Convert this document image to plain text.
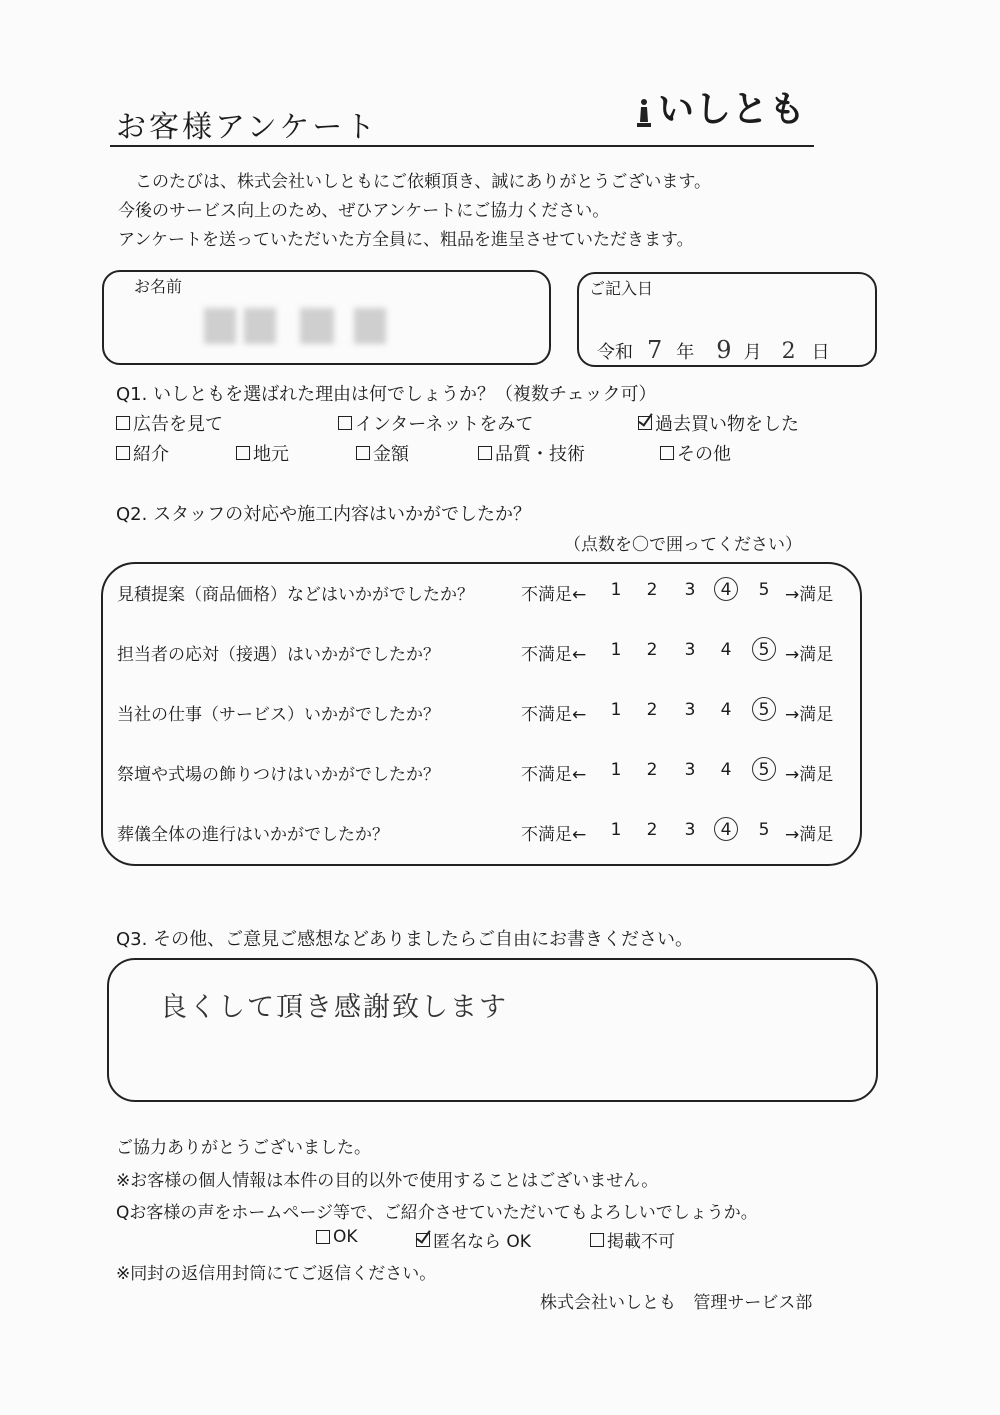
お客様アンケート	いしとも
このたびは、株式会社いしともにご依頼頂き、誠にありがとうございます。
今後のサービス向上のため、ぜひアンケートにご協力ください。
アンケートを送っていただいた方全員に、粗品を進呈させていただきます。
お名前	ご記入日
令和 7 年 9 月 2 日
Q1. いしともを選ばれた理由は何でしょうか？（複数チェック可）
広告を見て	インターネットをみて	過去買い物をした
紹介	地元	金額	品質・技術	その他
Q2. スタッフの対応や施工内容はいかがでしたか？
（点数を〇で囲ってください）
見積提案（商品価格）などはいかがでしたか？	不満足←	1	2	3	4	5 →満足
担当者の応対（接遇）はいかがでしたか？	不満足←	1	2	3	4	5 →満足
当社の仕事（サービス）いかがでしたか？	不満足←	1	2	3	4	5 →満足
祭壇や式場の飾りつけはいかがでしたか？	不満足←	1	2	3	4	5 →満足
葬儀全体の進行はいかがでしたか？	不満足←	1	2	3	4	5 →満足
Q3. その他、ご意見ご感想などありましたらご自由にお書きください。
良くして頂き感謝致します
ご協力ありがとうございました。
※お客様の個人情報は本件の目的以外で使用することはございません。
Qお客様の声をホームページ等で、ご紹介させていただいてもよろしいでしょうか。
OK	匿名なら OK	掲載不可
※同封の返信用封筒にてご返信ください。
株式会社いしとも 管理サービス部
